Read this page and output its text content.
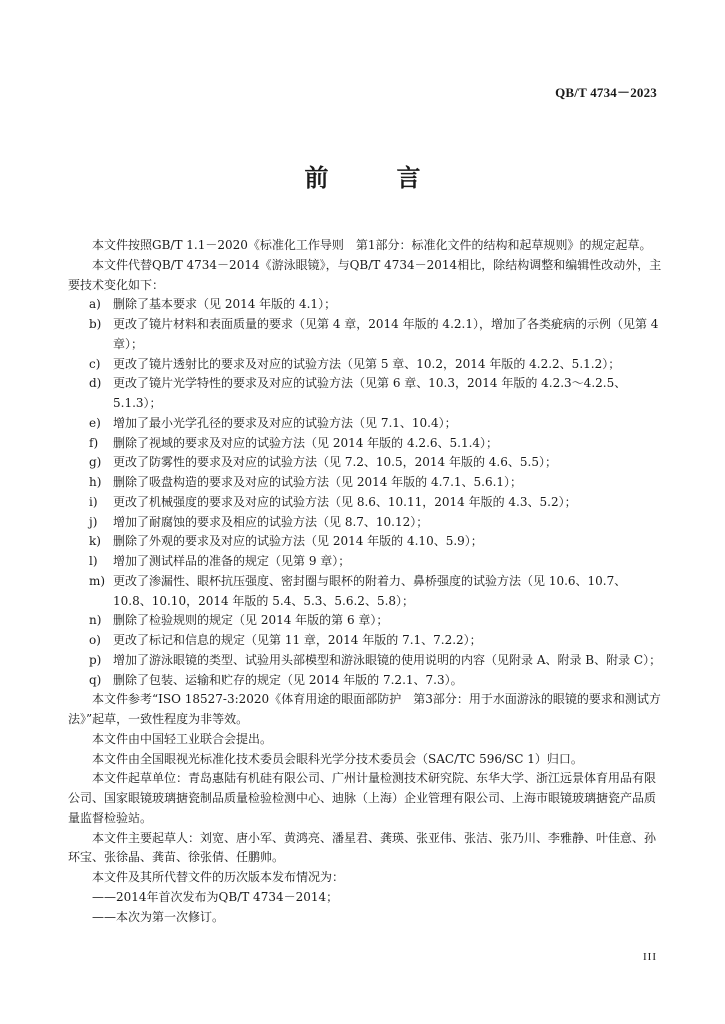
QB/T 4734－2023
前　言

本文件按照GB/T 1.1－2020《标准化工作导则　第1部分：标准化文件的结构和起草规则》的规定起草。

本文件代替QB/T 4734－2014《游泳眼镜》，与QB/T 4734－2014相比，除结构调整和编辑性改动外，主要技术变化如下：

a)	删除了基本要求（见 2014 年版的 4.1）；
b) 更改了镜片材料和表面质量的要求（见第 4 章，2014 年版的 4.2.1），增加了各类疵病的示例（见第 4 章）；
c)	更改了镜片透射比的要求及对应的试验方法（见第 5 章、10.2，2014 年版的 4.2.2、5.1.2）；
d) 更改了镜片光学特性的要求及对应的试验方法（见第 6 章、10.3，2014 年版的 4.2.3～4.2.5、5.1.3）；
e)	增加了最小光学孔径的要求及对应的试验方法（见 7.1、10.4）；
f)	删除了视域的要求及对应的试验方法（见 2014 年版的 4.2.6、5.1.4）；
g) 更改了防雾性的要求及对应的试验方法（见 7.2、10.5，2014 年版的 4.6、5.5）；
h) 删除了吸盘构造的要求及对应的试验方法（见 2014 年版的 4.7.1、5.6.1）；
i)	更改了机械强度的要求及对应的试验方法（见 8.6、10.11，2014 年版的 4.3、5.2）；
j)	增加了耐腐蚀的要求及相应的试验方法（见 8.7、10.12）；
k)	删除了外观的要求及对应的试验方法（见 2014 年版的 4.10、5.9）；
l)	增加了测试样品的准备的规定（见第 9 章）；
m) 更改了渗漏性、眼杯抗压强度、密封圈与眼杯的附着力、鼻桥强度的试验方法（见 10.6、10.7、10.8、10.10，2014 年版的 5.4、5.3、5.6.2、5.8）；
n) 删除了检验规则的规定（见 2014 年版的第 6 章）；
o)	更改了标记和信息的规定（见第 11 章，2014 年版的 7.1、7.2.2）；
p) 增加了游泳眼镜的类型、试验用头部模型和游泳眼镜的使用说明的内容（见附录 A、附录 B、附录 C）；
q) 删除了包装、运输和贮存的规定（见 2014 年版的 7.2.1、7.3）。

本文件参考“ISO 18527-3:2020《体育用途的眼面部防护　第3部分：用于水面游泳的眼镜的要求和测试方法》”起草，一致性程度为非等效。

本文件由中国轻工业联合会提出。

本文件由全国眼视光标准化技术委员会眼科光学分技术委员会（SAC/TC 596/SC 1）归口。

本文件起草单位：青岛惠陆有机硅有限公司、广州计量检测技术研究院、东华大学、浙江远景体育用品有限公司、国家眼镜玻璃搪瓷制品质量检验检测中心、迪脉（上海）企业管理有限公司、上海市眼镜玻璃搪瓷产品质量监督检验站。

本文件主要起草人：刘宽、唐小军、黄鸿亮、潘星君、龚瑛、张亚伟、张洁、张乃川、李雅静、叶佳意、孙环宝、张徐晶、龚苗、徐张倩、任鹏帅。

本文件及其所代替文件的历次版本发布情况为：

——2014年首次发布为QB/T 4734－2014；

——本次为第一次修订。

III
